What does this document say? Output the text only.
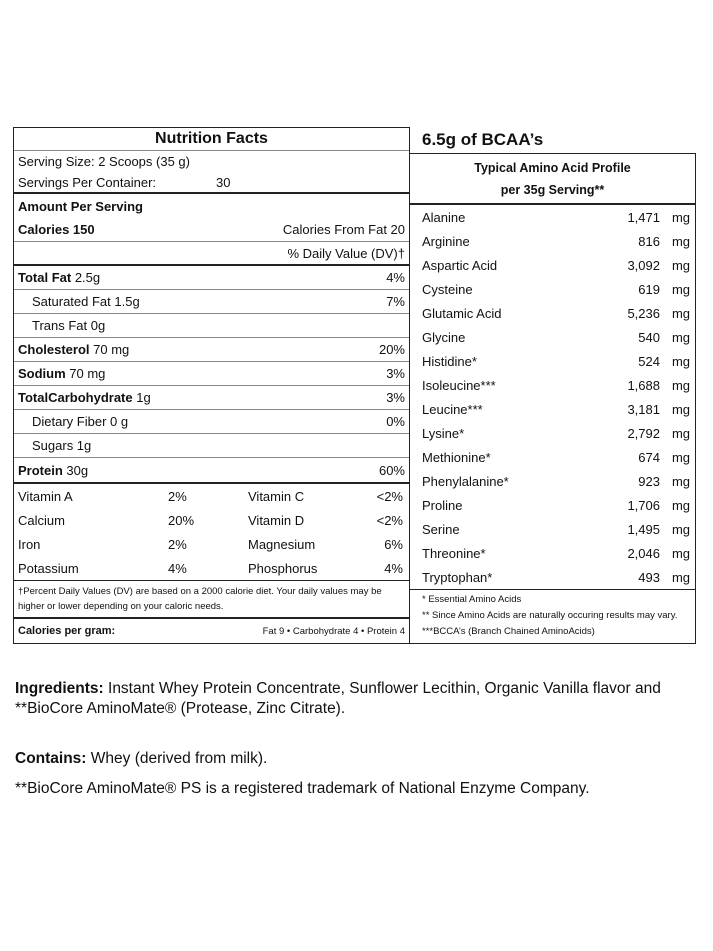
Nutrition Facts
Serving Size: 2 Scoops (35 g)
Servings Per Container:	30
Amount Per Serving
Calories 150	Calories From Fat 20
% Daily Value (DV)†
Total Fat 2.5g	4%
Saturated Fat 1.5g	7%
Trans Fat 0g
Cholesterol 70 mg	20%
Sodium 70 mg	3%
TotalCarbohydrate 1g	3%
Dietary Fiber 0 g	0%
Sugars 1g
Protein 30g	60%
Vitamin A	2%	Vitamin C	<2%
Calcium	20%	Vitamin D	<2%
Iron	2%	Magnesium	6%
Potassium	4%	Phosphorus	4%
†Percent Daily Values (DV) are based on a 2000 calorie diet. Your daily values may be higher or lower depending on your caloric needs.
Calories per gram:	Fat 9 • Carbohydrate 4 • Protein 4
6.5g of BCAA’s
Typical Amino Acid Profile
per 35g Serving**
Alanine	1,471 mg
Arginine	816 mg
Aspartic Acid	3,092 mg
Cysteine	619 mg
Glutamic Acid	5,236 mg
Glycine	540 mg
Histidine*	524 mg
Isoleucine***	1,688 mg
Leucine***	3,181 mg
Lysine*	2,792 mg
Methionine*	674 mg
Phenylalanine*	923 mg
Proline	1,706 mg
Serine	1,495 mg
Threonine*	2,046 mg
Tryptophan*	493 mg
* Essential Amino Acids
** Since Amino Acids are naturally occuring results may vary.
***BCCA’s (Branch Chained AminoAcids)
Ingredients: Instant Whey Protein Concentrate, Sunflower Lecithin, Organic Vanilla flavor and **BioCore AminoMate® (Protease, Zinc Citrate).
Contains: Whey (derived from milk).
**BioCore AminoMate® PS is a registered trademark of National Enzyme Company.
